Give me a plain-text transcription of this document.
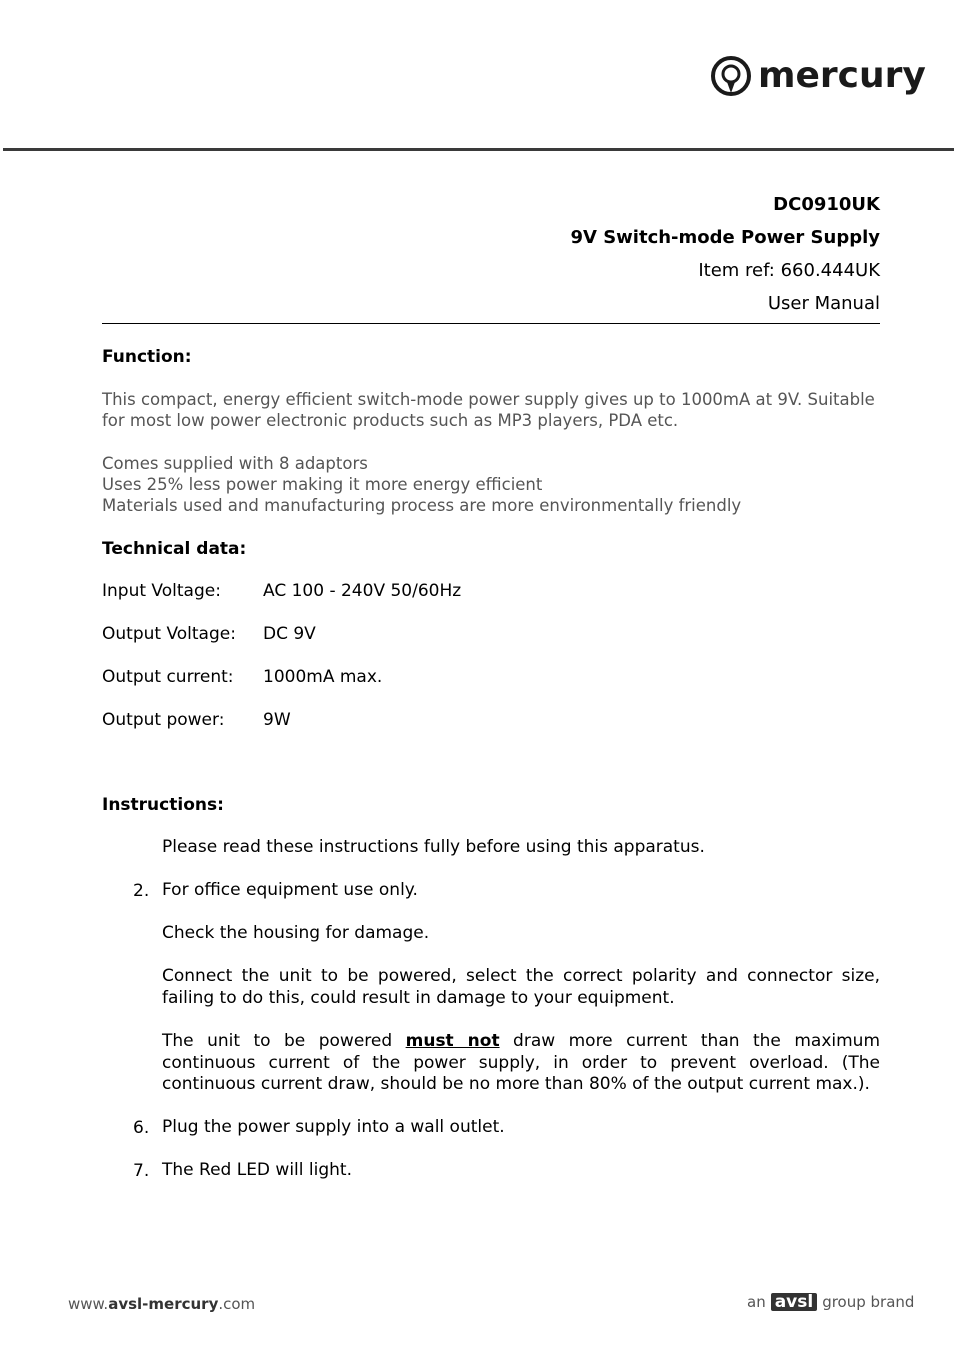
mercury
DC0910UK
9V Switch-mode Power Supply
Item ref: 660.444UK
User Manual
Function:
This compact, energy efficient switch-mode power supply gives up to 1000mA at 9V. Suitable for most low power electronic products such as MP3 players, PDA etc.
Comes supplied with 8 adaptors
Uses 25% less power making it more energy efficient
Materials used and manufacturing process are more environmentally friendly
Technical data:
Input Voltage: AC 100 - 240V 50/60Hz
Output Voltage: DC 9V
Output current: 1000mA max.
Output power: 9W
Instructions:
Please read these instructions fully before using this apparatus.
2. For office equipment use only.
Check the housing for damage.
Connect the unit to be powered, select the correct polarity and connector size, failing to do this, could result in damage to your equipment.
The unit to be powered must not draw more current than the maximum continuous current of the power supply, in order to prevent overload. (The continuous current draw, should be no more than 80% of the output current max.).
6. Plug the power supply into a wall outlet.
7. The Red LED will light.
www.avsl-mercury.com	an avsl group brand
